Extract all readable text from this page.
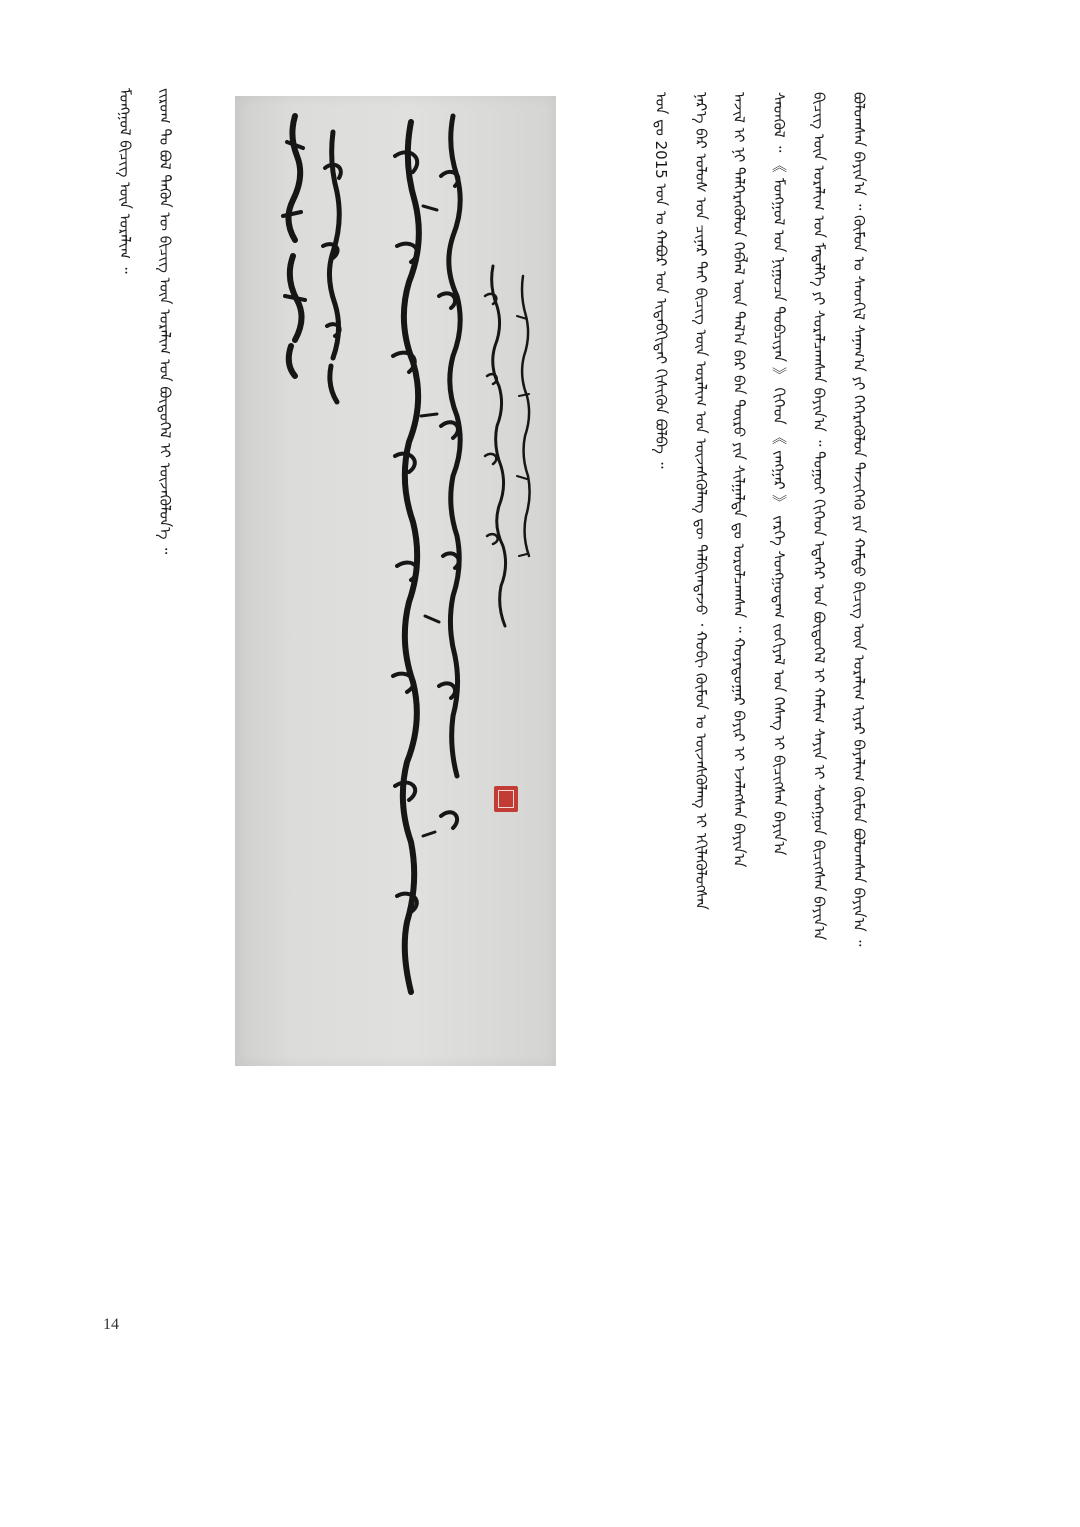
ᠪᠣᠯᠣᠭᠰᠠᠨ ᠪᠠᠶᠢᠨ᠎ᠠ ᠃ ᠬᠦᠮᠦᠨ ᠤ ᠰᠡᠳᠬᠢᠯ ᠰᠠᠨᠠᠭ᠎ᠠ ᠶᠢ ᠭᠡᠭᠡᠷᠡᠭᠦᠯᠦᠨ ᠲᠡᠵᠢᠭᠡᠬᠦ ᠶᠢᠨ ᠬᠠᠮᠲᠤ ᠪᠢᠴᠢᠭ ᠦᠨ ᠤᠷᠠᠯᠢᠭ ᠢᠶᠡᠷ ᠪᠠᠶᠠᠯᠢᠭ ᠬᠦᠮᠦᠨ ᠪᠤᠯᠤᠭᠰᠠᠨ ᠪᠠᠶᠢᠨ᠎ᠠ ᠃
ᠪᠢᠴᠢᠭ ᠦᠨ ᠤᠷᠠᠯᠢᠭ ᠤᠨ ᠮᠡᠳᠡᠯᠭᠡ ᠶᠢ ᠰᠤᠷᠠᠯᠴᠠᠭᠰᠠᠨ ᠪᠠᠶᠢᠨ᠎ᠠ ᠃ ᠳᠤᠭᠤᠢ ᠬᠢᠭᠡᠳ ᠡᠳᠡᠭᠡᠷ ᠤᠨ ᠪᠦᠲᠦᠭᠡᠯ ᠢ ᠬᠠᠮᠢᠭ ᠰᠠᠶᠢᠨ ᠢ ᠰᠣᠩᠭᠤᠨ ᠪᠢᠴᠢᠭᠰᠡᠨ ᠪᠠᠶᠢᠨ᠎ᠠ
ᠰᠡᠳᠬᠦᠯ ᠃ 《 ᠮᠣᠩᠭᠣᠯ ᠤᠨ ᠨᠢᠭᠤᠴᠠ ᠲᠣᠪᠴᠢᠶᠠᠨ 》 ᠬᠢᠭᠡᠳ 《 ᠵᠠᠩᠭᠠᠷ 》 ᠵᠡᠷᠭᠡ ᠰᠣᠩᠭᠣᠳᠠᠭ ᠵᠣᠬᠢᠶᠠᠯ ᠤᠨ ᠬᠡᠰᠡᠭ ᠢ ᠪᠢᠴᠢᠭᠰᠡᠨ ᠪᠠᠶᠢᠨ᠎ᠠ
ᠠᠵᠢᠯ ᠢ ᠨᠢ ᠳᠡᠯᠭᠡᠷᠡᠭᠦᠯᠦᠨ ᠬᠡᠪᠯᠡᠯ ᠦᠨ ᠲᠠᠯ᠎ᠠ ᠪᠠᠷ ᠪᠠᠨ ᠲᠦᠷᠦ ᠶᠢᠨ ᠰᠢᠯᠭᠠᠯᠲᠠ ᠳᠤ ᠣᠷᠣᠯᠴᠠᠭᠰᠠᠨ ᠃ ᠬᠣᠶᠠᠳᠤᠭᠠᠷ ᠪᠠᠶᠢᠷ ᠢ ᠡᠵᠡᠯᠡᠭᠰᠡᠨ ᠪᠠᠶᠢᠨ᠎ᠠ
ᠨᠡᠷ᠎ᠡ ᠪᠡᠷ ᠤᠯᠤᠰ ᠤᠨ ᠴᠢᠨᠠᠷ ᠲᠠᠢ ᠪᠢᠴᠢᠭ ᠦᠨ ᠤᠷᠠᠯᠢᠭ ᠤᠨ ᠦᠵᠡᠰᠭᠦᠯᠡᠩ ᠳᠦ ᠲᠠᠯᠪᠢᠭᠳᠠᠵᠤ ᠂ ᠬᠤᠪᠢ ᠬᠦᠮᠦᠨ ᠤ ᠦᠵᠡᠰᠭᠦᠯᠡᠩ ᠢ ᠡᠬᠢᠯᠡᠭᠦᠯᠦᠭᠰᠡᠨ
ᠣᠨ ᠳᠤ 2015 ᠣᠨ ᠤ ᠬᠠᠪᠤᠷ ᠤᠨ ᠢᠳᠡᠪᠬᠢᠲᠡᠢ ᠭᠢᠰᠢᠭᠦᠨ ᠪᠣᠯᠪᠠ ᠃
ᠵᠢᠷᠤᠭ ᠲᠤ ᠪᠣᠯ ᠲᠡᠭᠦᠨ ᠦ ᠪᠢᠴᠢᠭ ᠦᠨ ᠤᠷᠠᠯᠢᠭ ᠤᠨ ᠪᠦᠲᠦᠭᠡᠯ ᠢ ᠦᠵᠡᠭᠦᠯᠦᠨ᠎ᠡ ᠃
ᠮᠣᠩᠭᠣᠯ ᠪᠢᠴᠢᠭ ᠦᠨ ᠤᠷᠠᠯᠢᠭ ᠃
14
